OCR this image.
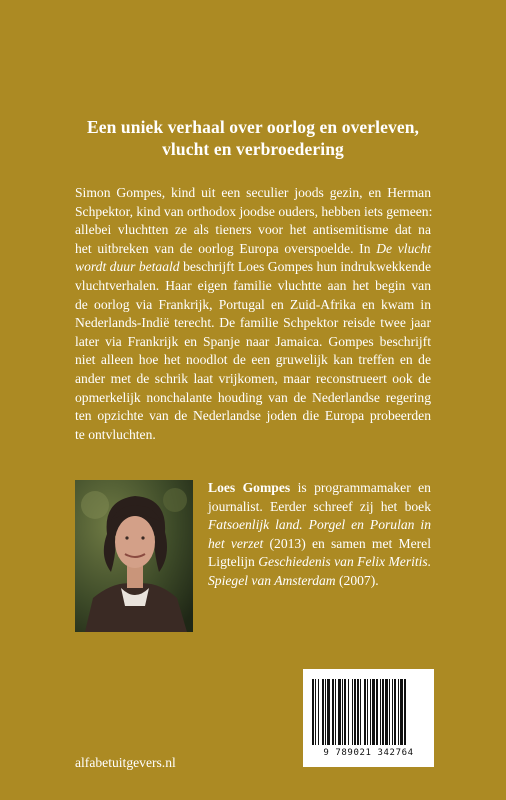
Een uniek verhaal over oorlog en overleven,
vlucht en verbroedering
Simon Gompes, kind uit een seculier joods gezin, en Herman
Schpektor, kind van orthodox joodse ouders, hebben iets gemeen:
allebei vluchtten ze als tieners voor het antisemitisme dat na
het uitbreken van de oorlog Europa overspoelde. In De vlucht
wordt duur betaald beschrijft Loes Gompes hun indrukwekkende
vluchtverhalen. Haar eigen familie vluchtte aan het begin van
de oorlog via Frankrijk, Portugal en Zuid-Afrika en kwam in
Nederlands-Indië terecht. De familie Schpektor reisde twee jaar
later via Frankrijk en Spanje naar Jamaica. Gompes beschrijft
niet alleen hoe het noodlot de een gruwelijk kan treffen en de
ander met de schrik laat vrijkomen, maar reconstrueert ook de
opmerkelijk nonchalante houding van de Nederlandse regering
ten opzichte van de Nederlandse joden die Europa probeerden
te ontvluchten.
Loes Gompes is programmamaker en
journalist. Eerder schreef zij het boek
Fatsoenlijk land. Porgel en Porulan in
het verzet (2013) en samen met Merel
Ligtelijn Geschiedenis van Felix Meritis.
Spiegel van Amsterdam (2007).
9 789021 342764
alfabetuitgevers.nl
